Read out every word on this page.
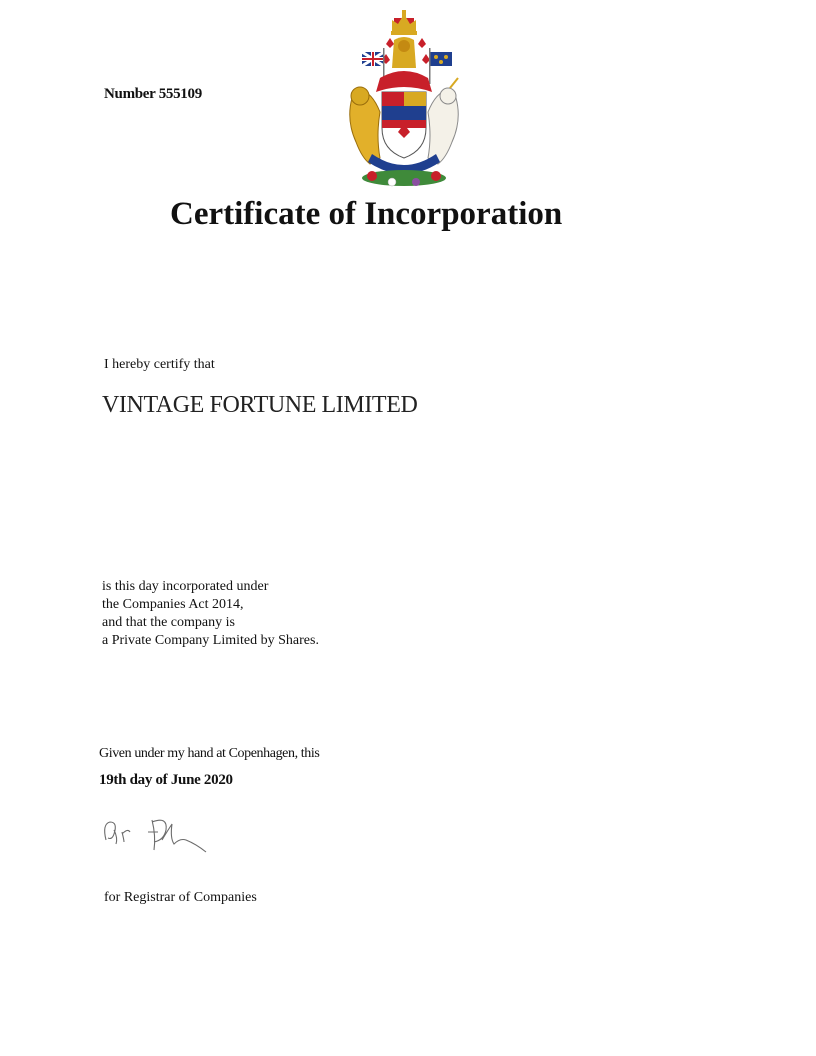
Number 555109
Certificate of Incorporation
I hereby certify that
VINTAGE FORTUNE LIMITED
is this day incorporated under
the Companies Act 2014,
and that the company is
a Private Company Limited by Shares.
Given under my hand at Copenhagen, this
19th day of June 2020
for Registrar of Companies
